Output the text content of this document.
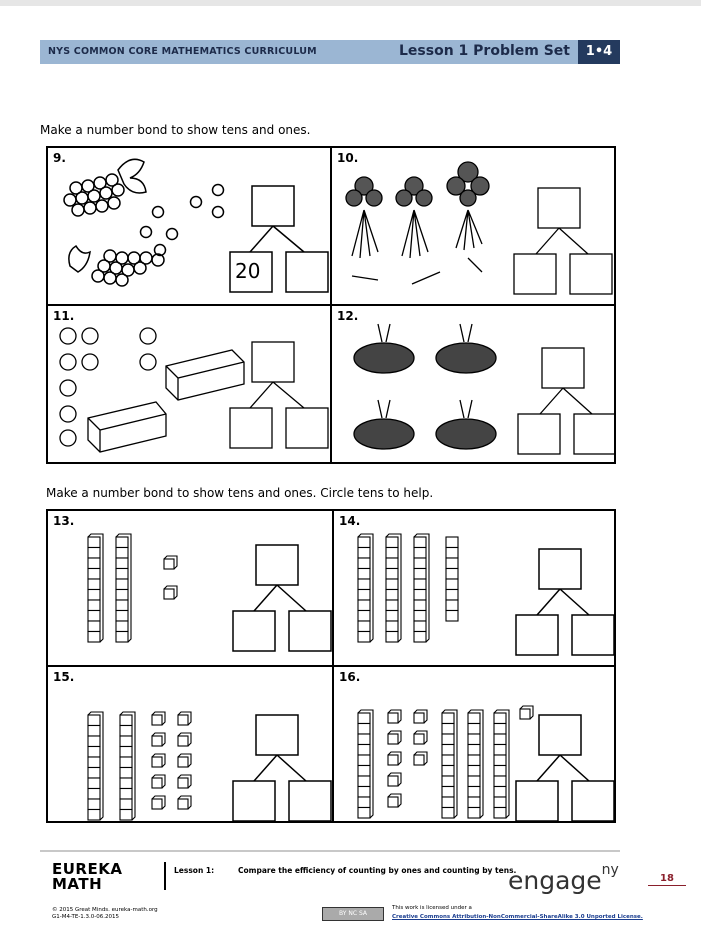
NYS COMMON CORE MATHEMATICS CURRICULUM	Lesson 1 Problem Set	1•4
Make a number bond to show tens and ones.
9.
20
10.
11.	12.
Make a number bond to show tens and ones. Circle tens to help.
13.	14.
15.	16.
EUREKA
MATH
Lesson 1:	Compare the efficiency of counting by ones and counting by tens.
engage$^{ny}$
18
© 2015 Great Minds. eureka-math.org
G1-M4-TE-1.3.0-06.2015	BY NC SA
This work is licensed under a
Creative Commons Attribution-NonCommercial-ShareAlike 3.0 Unported License.
